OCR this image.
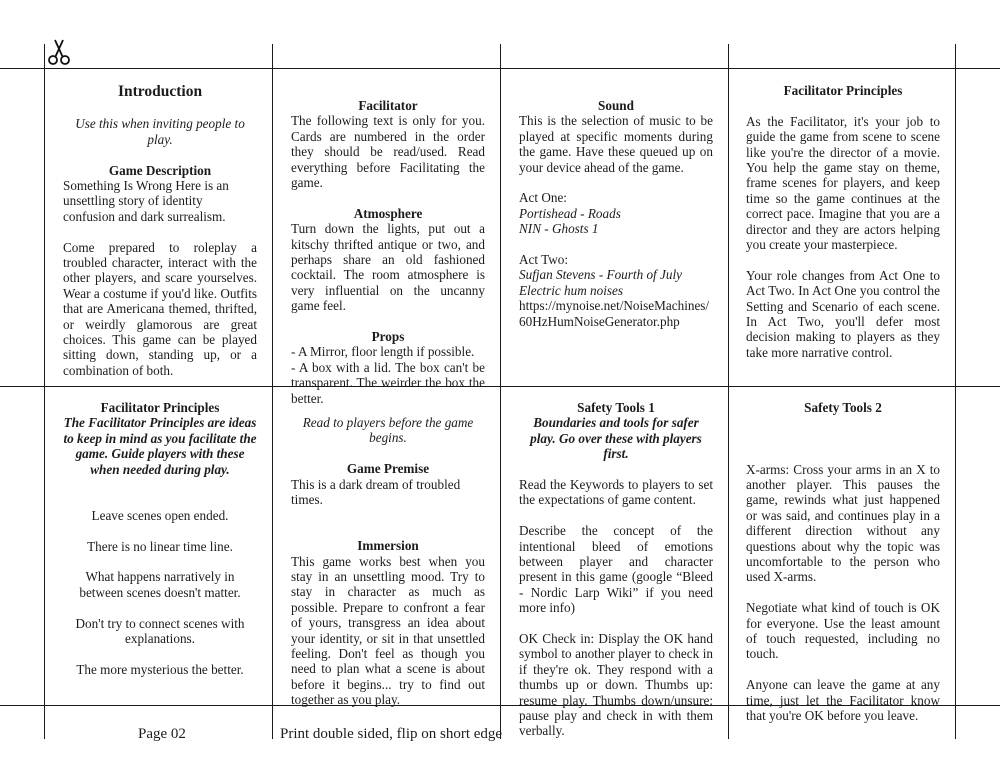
Introduction

Use this when inviting people to play.

Game Description

Something Is Wrong Here is an unsettling story of identity confusion and dark surrealism.

Come prepared to roleplay a troubled character, interact with the other players, and scare yourselves. Wear a costume if you'd like. Outfits that are Americana themed, thrifted, or weirdly glamorous are great choices. This game can be played sitting down, standing up, or a combination of both.

Facilitator

The following text is only for you. Cards are numbered in the order they should be read/used. Read everything before Facilitating the game.

Atmosphere

Turn down the lights, put out a kitschy thrifted antique or two, and perhaps share an old fashioned cocktail. The room atmosphere is very influential on the uncanny game feel.

Props

- A Mirror, floor length if possible.

- A box with a lid. The box can't be transparent. The weirder the box the better.

Sound

This is the selection of music to be played at specific moments during the game. Have these queued up on your device ahead of the game.

Act One:

Portishead - Roads

NIN - Ghosts 1

Act Two:

Sufjan Stevens - Fourth of July

Electric hum noises

https://mynoise.net/NoiseMachines/60HzHumNoiseGenerator.php

Facilitator Principles

As the Facilitator, it's your job to guide the game from scene to scene like you're the director of a movie. You help the game stay on theme, frame scenes for players, and keep time so the game continues at the correct pace. Imagine that you are a director and they are actors helping you create your masterpiece.

Your role changes from Act One to Act Two. In Act One you control the Setting and Scenario of each scene. In Act Two, you'll defer most decision making to players as they take more narrative control.

Facilitator Principles

The Facilitator Principles are ideas to keep in mind as you facilitate the game. Guide players with these when needed during play.

Leave scenes open ended.

There is no linear time line.

What happens narratively in between scenes doesn't matter.

Don't try to connect scenes with explanations.

The more mysterious the better.

Read to players before the game begins.

Game Premise

This is a dark dream of troubled times.

Immersion

This game works best when you stay in an unsettling mood. Try to stay in character as much as possible. Prepare to confront a fear of yours, transgress an idea about your identity, or sit in that unsettled feeling. Don't feel as though you need to plan what a scene is about before it begins... try to find out together as you play.

Safety Tools 1

Boundaries and tools for safer play. Go over these with players first.

Read the Keywords to players to set the expectations of game content.

Describe the concept of the intentional bleed of emotions between player and character present in this game (google “Bleed - Nordic Larp Wiki” if you need more info)

OK Check in: Display the OK hand symbol to another player to check in if they're ok. They respond with a thumbs up or down. Thumbs up: resume play. Thumbs down/unsure: pause play and check in with them verbally.

Safety Tools 2

X-arms: Cross your arms in an X to another player. This pauses the game, rewinds what just happened or was said, and continues play in a different direction without any questions about why the topic was uncomfortable to the person who used X-arms.

Negotiate what kind of touch is OK for everyone. Use the least amount of touch requested, including no touch.

Anyone can leave the game at any time, just let the Facilitator know that you're OK before you leave.

Page 02	Print double sided, flip on short edge
